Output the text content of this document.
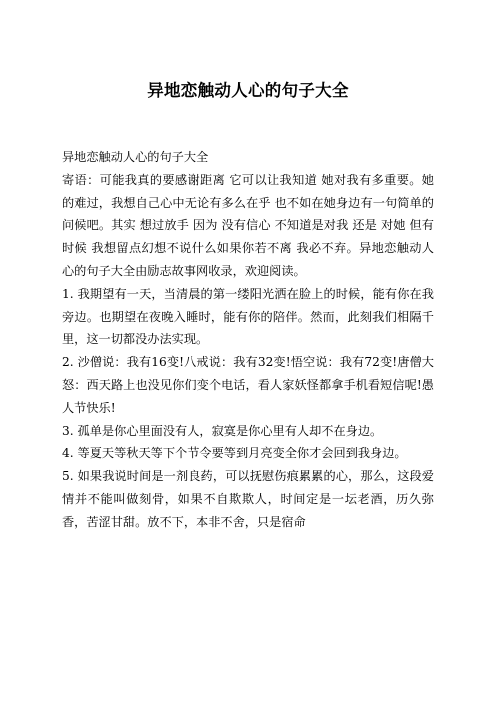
异地恋触动人心的句子大全

异地恋触动人心的句子大全

寄语：可能我真的要感谢距离 它可以让我知道 她对我有多重要。她的难过，我想自己心中无论有多么在乎 也不如在她身边有一句简单的问候吧。其实 想过放手 因为 没有信心 不知道是对我 还是 对她 但有时候 我想留点幻想不说什么如果你若不离 我必不弃。异地恋触动人心的句子大全由励志故事网收录，欢迎阅读。

1. 我期望有一天，当清晨的第一缕阳光洒在脸上的时候，能有你在我旁边。也期望在夜晚入睡时，能有你的陪伴。然而，此刻我们相隔千里，这一切都没办法实现。

2. 沙僧说：我有16变!八戒说：我有32变!悟空说：我有72变!唐僧大怒：西天路上也没见你们变个电话，看人家妖怪都拿手机看短信呢!愚人节快乐!

3. 孤单是你心里面没有人，寂寞是你心里有人却不在身边。

4. 等夏天等秋天等下个节令要等到月亮变全你才会回到我身边。

5. 如果我说时间是一剂良药，可以抚慰伤痕累累的心，那么，这段爱情并不能叫做刻骨，如果不自欺欺人，时间定是一坛老酒，历久弥香，苦涩甘甜。放不下，本非不舍，只是宿命
